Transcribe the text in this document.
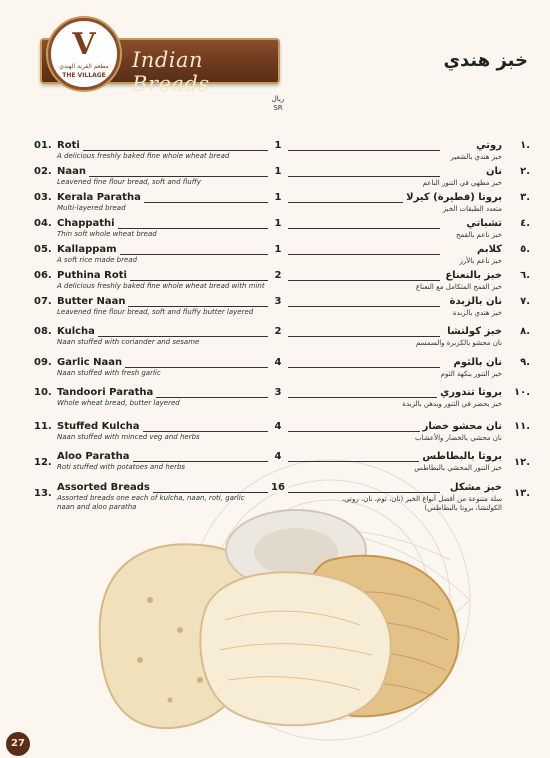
Indian Breads
V
مطعم القرية الهندي
THE VILLAGE
خبز هندي
ريال
SR
01. Roti
A delicious freshly baked fine whole wheat bread
1	روتي
خبز هندي بالشعير
.١
02. Naan
Leavened fine flour bread, soft and fluffy
1	نان
خبز مطهي في التنور الناعم
.٢
03. Kerala Paratha
Multi-layered bread
1	بروتا (فطيرة) كيرلا
متعدد الطبقات الخبز
.٣
04. Chappathi
Thin soft whole wheat bread
1	تشباتي
خبز ناعم بالقمح
.٤
05. Kallappam
A soft rice made bread
1	كلابم
خبز ناعم بالأرز
.٥
06. Puthina Roti
A delicious freshly baked fine whole wheat bread with mint
2	خبز بالنعناع
خبز القمح المتكامل مع النعناع
.٦
07. Butter Naan
Leavened fine flour bread, soft and fluffy butter layered
3	نان بالزبدة
خبز هندي بالزبدة
.٧
08. Kulcha
Naan stuffed with coriander and sesame
2	خبز كولتشا
نان محشو بالكزبرة والسمسم
.٨
09. Garlic Naan
Naan stuffed with fresh garlic
4	نان بالثوم
خبز التنور بنكهة الثوم
.٩
10. Tandoori Paratha
Whole wheat bread, butter layered
3	بروتا تندوري
خبز يحضر في التنور ويدهن بالزبدة
.١٠
11. Stuffed Kulcha
Naan stuffed with minced veg and herbs
4	نان محشو خضار
نان محشي بالخضار والأعشاب
.١١
12.
Aloo Paratha
Roti stuffed with potatoes and herbs
4	بروتا بالبطاطس
خبز التنور المحشي بالبطاطس	.١٢
13.
Assorted Breads
Assorted breads one each of kulcha, naan, roti, garlic naan and aloo paratha
16	خبز مشكل
سلة متنوعة من أفضل أنواع الخبز (نان، ثوم، نان، روتي، الكولتشا، بروتا بالبطاطس)
.١٣
27
